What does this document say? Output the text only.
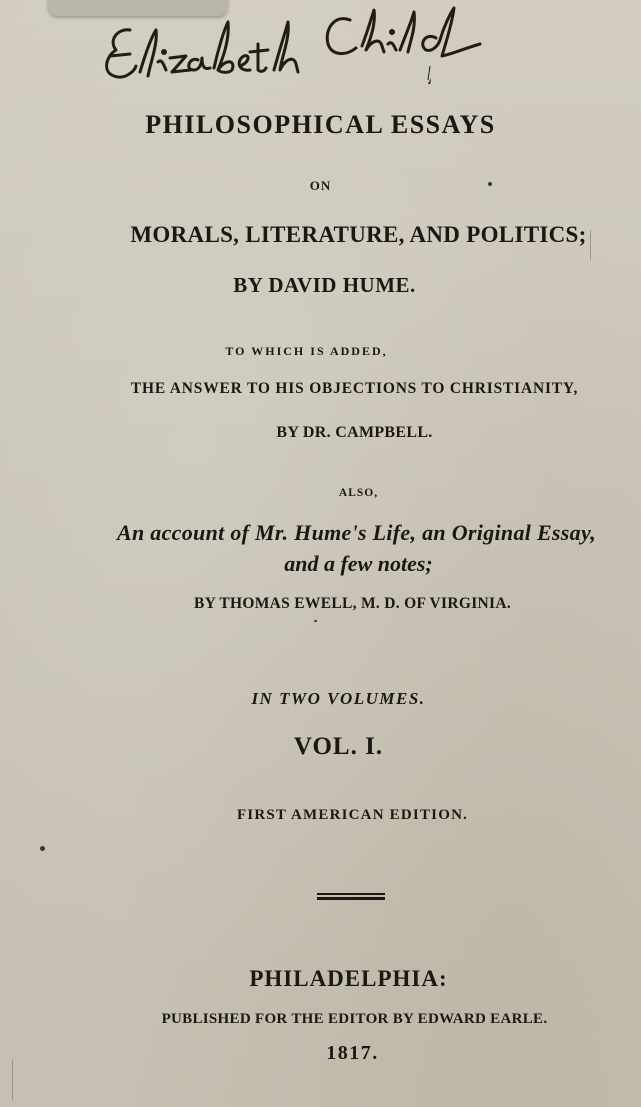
PHILOSOPHICAL ESSAYS
ON
MORALS, LITERATURE, AND POLITICS;
BY DAVID HUME.
TO WHICH IS ADDED,
THE ANSWER TO HIS OBJECTIONS TO CHRISTIANITY,
BY DR. CAMPBELL.
ALSO,
An account of Mr. Hume's Life, an Original Essay,
and a few notes;
BY THOMAS EWELL, M. D. OF VIRGINIA.
IN TWO VOLUMES.
VOL. I.
FIRST AMERICAN EDITION.
PHILADELPHIA:
PUBLISHED FOR THE EDITOR BY EDWARD EARLE.
1817.
